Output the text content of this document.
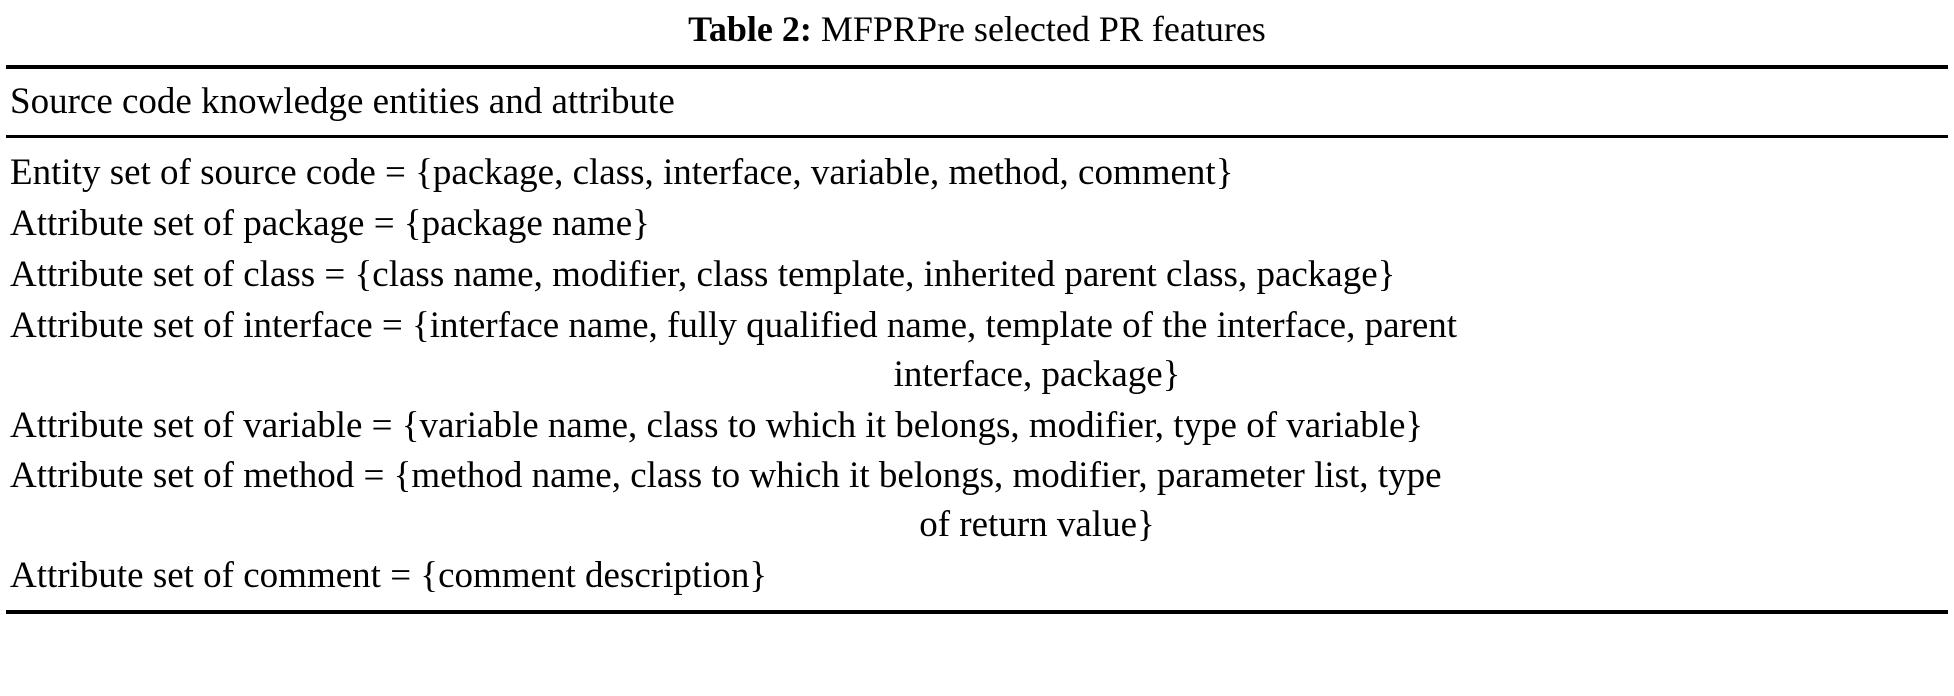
Table 2: MFPRPre selected PR features
Source code knowledge entities and attribute
Entity set of source code = {package, class, interface, variable, method, comment}
Attribute set of package = {package name}
Attribute set of class = {class name, modifier, class template, inherited parent class, package}
Attribute set of interface = {interface name, fully qualified name, template of the interface, parent
interface, package}
Attribute set of variable = {variable name, class to which it belongs, modifier, type of variable}
Attribute set of method = {method name, class to which it belongs, modifier, parameter list, type
of return value}
Attribute set of comment = {comment description}
